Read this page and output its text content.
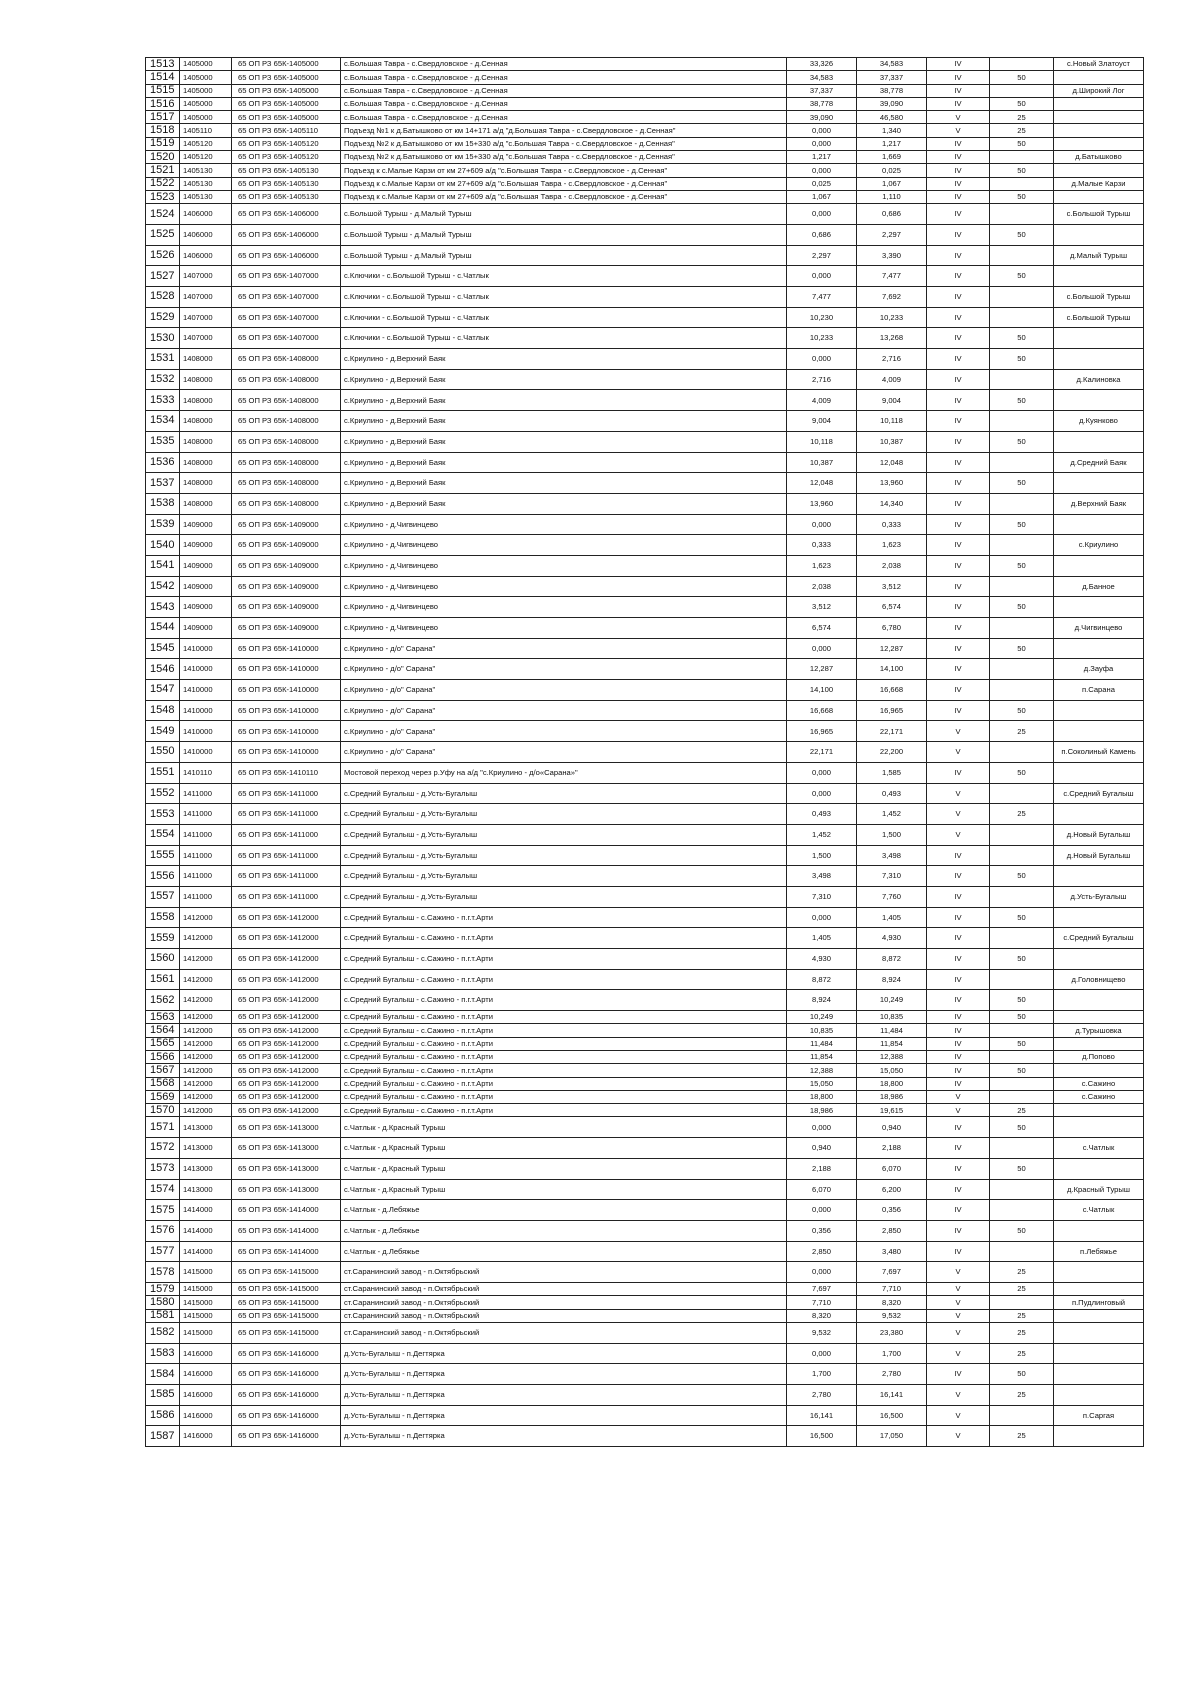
1513	1405000	65 ОП РЗ 65К-1405000	с.Большая Тавра - с.Свердловское - д.Сенная	33,326	34,583	IV		с.Новый Златоуст
1514	1405000	65 ОП РЗ 65К-1405000	с.Большая Тавра - с.Свердловское - д.Сенная	34,583	37,337	IV	50	
1515	1405000	65 ОП РЗ 65К-1405000	с.Большая Тавра - с.Свердловское - д.Сенная	37,337	38,778	IV		д.Широкий Лог
1516	1405000	65 ОП РЗ 65К-1405000	с.Большая Тавра - с.Свердловское - д.Сенная	38,778	39,090	IV	50	
1517	1405000	65 ОП РЗ 65К-1405000	с.Большая Тавра - с.Свердловское - д.Сенная	39,090	46,580	V	25	
1518	1405110	65 ОП РЗ 65К-1405110	Подъезд №1 к д.Батышково от км 14+171 а/д "д.Большая Тавра - с.Свердловское - д.Сенная"	0,000	1,340	V	25	
1519	1405120	65 ОП РЗ 65К-1405120	Подъезд №2 к д.Батышково от км 15+330 а/д "с.Большая Тавра - с.Свердловское - д.Сенная"	0,000	1,217	IV	50	
1520	1405120	65 ОП РЗ 65К-1405120	Подъезд №2 к д.Батышково от км 15+330 а/д "с.Большая Тавра - с.Свердловское - д.Сенная"	1,217	1,669	IV		д.Батышково
1521	1405130	65 ОП РЗ 65К-1405130	Подъезд к с.Малые Карзи от км 27+609 а/д "с.Большая Тавра - с.Свердловское - д.Сенная"	0,000	0,025	IV	50	
1522	1405130	65 ОП РЗ 65К-1405130	Подъезд к с.Малые Карзи от км 27+609 а/д "с.Большая Тавра - с.Свердловское - д.Сенная"	0,025	1,067	IV		д.Малые Карзи
1523	1405130	65 ОП РЗ 65К-1405130	Подъезд к с.Малые Карзи от км 27+609 а/д "с.Большая Тавра - с.Свердловское - д.Сенная"	1,067	1,110	IV	50	
1524	1406000	65 ОП РЗ 65К-1406000	с.Большой Турыш - д.Малый Турыш	0,000	0,686	IV		с.Большой Турыш
1525	1406000	65 ОП РЗ 65К-1406000	с.Большой Турыш - д.Малый Турыш	0,686	2,297	IV	50	
1526	1406000	65 ОП РЗ 65К-1406000	с.Большой Турыш - д.Малый Турыш	2,297	3,390	IV		д.Малый Турыш
1527	1407000	65 ОП РЗ 65К-1407000	с.Ключики - с.Большой Турыш - с.Чатлык	0,000	7,477	IV	50	
1528	1407000	65 ОП РЗ 65К-1407000	с.Ключики - с.Большой Турыш - с.Чатлык	7,477	7,692	IV		с.Большой Турыш
1529	1407000	65 ОП РЗ 65К-1407000	с.Ключики - с.Большой Турыш - с.Чатлык	10,230	10,233	IV		с.Большой Турыш
1530	1407000	65 ОП РЗ 65К-1407000	с.Ключики - с.Большой Турыш - с.Чатлык	10,233	13,268	IV	50	
1531	1408000	65 ОП РЗ 65К-1408000	с.Криулино - д.Верхний Баяк	0,000	2,716	IV	50	
1532	1408000	65 ОП РЗ 65К-1408000	с.Криулино - д.Верхний Баяк	2,716	4,009	IV		д.Калиновка
1533	1408000	65 ОП РЗ 65К-1408000	с.Криулино - д.Верхний Баяк	4,009	9,004	IV	50	
1534	1408000	65 ОП РЗ 65К-1408000	с.Криулино - д.Верхний Баяк	9,004	10,118	IV		д.Куянково
1535	1408000	65 ОП РЗ 65К-1408000	с.Криулино - д.Верхний Баяк	10,118	10,387	IV	50	
1536	1408000	65 ОП РЗ 65К-1408000	с.Криулино - д.Верхний Баяк	10,387	12,048	IV		д.Средний Баяк
1537	1408000	65 ОП РЗ 65К-1408000	с.Криулино - д.Верхний Баяк	12,048	13,960	IV	50	
1538	1408000	65 ОП РЗ 65К-1408000	с.Криулино - д.Верхний Баяк	13,960	14,340	IV		д.Верхний Баяк
1539	1409000	65 ОП РЗ 65К-1409000	с.Криулино - д.Чигвинцево	0,000	0,333	IV	50	
1540	1409000	65 ОП РЗ 65К-1409000	с.Криулино - д.Чигвинцево	0,333	1,623	IV		с.Криулино
1541	1409000	65 ОП РЗ 65К-1409000	с.Криулино - д.Чигвинцево	1,623	2,038	IV	50	
1542	1409000	65 ОП РЗ 65К-1409000	с.Криулино - д.Чигвинцево	2,038	3,512	IV		д.Банное
1543	1409000	65 ОП РЗ 65К-1409000	с.Криулино - д.Чигвинцево	3,512	6,574	IV	50	
1544	1409000	65 ОП РЗ 65К-1409000	с.Криулино - д.Чигвинцево	6,574	6,780	IV		д.Чигвинцево
1545	1410000	65 ОП РЗ 65К-1410000	с.Криулино - д/о" Сарана"	0,000	12,287	IV	50	
1546	1410000	65 ОП РЗ 65К-1410000	с.Криулино - д/о" Сарана"	12,287	14,100	IV		д.Зауфа
1547	1410000	65 ОП РЗ 65К-1410000	с.Криулино - д/о" Сарана"	14,100	16,668	IV		п.Сарана
1548	1410000	65 ОП РЗ 65К-1410000	с.Криулино - д/о" Сарана"	16,668	16,965	IV	50	
1549	1410000	65 ОП РЗ 65К-1410000	с.Криулино - д/о" Сарана"	16,965	22,171	V	25	
1550	1410000	65 ОП РЗ 65К-1410000	с.Криулино - д/о" Сарана"	22,171	22,200	V		п.Соколиный Камень
1551	1410110	65 ОП РЗ 65К-1410110	Мостовой переход через р.Уфу на а/д "с.Криулино - д/о«Сарана»"	0,000	1,585	IV	50	
1552	1411000	65 ОП РЗ 65К-1411000	с.Средний Бугалыш - д.Усть-Бугалыш	0,000	0,493	V		с.Средний Бугалыш
1553	1411000	65 ОП РЗ 65К-1411000	с.Средний Бугалыш - д.Усть-Бугалыш	0,493	1,452	V	25	
1554	1411000	65 ОП РЗ 65К-1411000	с.Средний Бугалыш - д.Усть-Бугалыш	1,452	1,500	V		д.Новый Бугалыш
1555	1411000	65 ОП РЗ 65К-1411000	с.Средний Бугалыш - д.Усть-Бугалыш	1,500	3,498	IV		д.Новый Бугалыш
1556	1411000	65 ОП РЗ 65К-1411000	с.Средний Бугалыш - д.Усть-Бугалыш	3,498	7,310	IV	50	
1557	1411000	65 ОП РЗ 65К-1411000	с.Средний Бугалыш - д.Усть-Бугалыш	7,310	7,760	IV		д.Усть-Бугалыш
1558	1412000	65 ОП РЗ 65К-1412000	с.Средний Бугалыш - с.Сажино - п.г.т.Арти	0,000	1,405	IV	50	
1559	1412000	65 ОП РЗ 65К-1412000	с.Средний Бугалыш - с.Сажино - п.г.т.Арти	1,405	4,930	IV		с.Средний Бугалыш
1560	1412000	65 ОП РЗ 65К-1412000	с.Средний Бугалыш - с.Сажино - п.г.т.Арти	4,930	8,872	IV	50	
1561	1412000	65 ОП РЗ 65К-1412000	с.Средний Бугалыш - с.Сажино - п.г.т.Арти	8,872	8,924	IV		д.Головнищево
1562	1412000	65 ОП РЗ 65К-1412000	с.Средний Бугалыш - с.Сажино - п.г.т.Арти	8,924	10,249	IV	50	
1563	1412000	65 ОП РЗ 65К-1412000	с.Средний Бугалыш - с.Сажино - п.г.т.Арти	10,249	10,835	IV	50	
1564	1412000	65 ОП РЗ 65К-1412000	с.Средний Бугалыш - с.Сажино - п.г.т.Арти	10,835	11,484	IV		д.Турышовка
1565	1412000	65 ОП РЗ 65К-1412000	с.Средний Бугалыш - с.Сажино - п.г.т.Арти	11,484	11,854	IV	50	
1566	1412000	65 ОП РЗ 65К-1412000	с.Средний Бугалыш - с.Сажино - п.г.т.Арти	11,854	12,388	IV		д.Попово
1567	1412000	65 ОП РЗ 65К-1412000	с.Средний Бугалыш - с.Сажино - п.г.т.Арти	12,388	15,050	IV	50	
1568	1412000	65 ОП РЗ 65К-1412000	с.Средний Бугалыш - с.Сажино - п.г.т.Арти	15,050	18,800	IV		с.Сажино
1569	1412000	65 ОП РЗ 65К-1412000	с.Средний Бугалыш - с.Сажино - п.г.т.Арти	18,800	18,986	V		с.Сажино
1570	1412000	65 ОП РЗ 65К-1412000	с.Средний Бугалыш - с.Сажино - п.г.т.Арти	18,986	19,615	V	25	
1571	1413000	65 ОП РЗ 65К-1413000	с.Чатлык - д.Красный Турыш	0,000	0,940	IV	50	
1572	1413000	65 ОП РЗ 65К-1413000	с.Чатлык - д.Красный Турыш	0,940	2,188	IV		с.Чатлык
1573	1413000	65 ОП РЗ 65К-1413000	с.Чатлык - д.Красный Турыш	2,188	6,070	IV	50	
1574	1413000	65 ОП РЗ 65К-1413000	с.Чатлык - д.Красный Турыш	6,070	6,200	IV		д.Красный Турыш
1575	1414000	65 ОП РЗ 65К-1414000	с.Чатлык - д.Лебяжье	0,000	0,356	IV		с.Чатлык
1576	1414000	65 ОП РЗ 65К-1414000	с.Чатлык - д.Лебяжье	0,356	2,850	IV	50	
1577	1414000	65 ОП РЗ 65К-1414000	с.Чатлык - д.Лебяжье	2,850	3,480	IV		п.Лебяжье
1578	1415000	65 ОП РЗ 65К-1415000	ст.Саранинский завод - п.Октябрьский	0,000	7,697	V	25	
1579	1415000	65 ОП РЗ 65К-1415000	ст.Саранинский завод - п.Октябрьский	7,697	7,710	V	25	
1580	1415000	65 ОП РЗ 65К-1415000	ст.Саранинский завод - п.Октябрьский	7,710	8,320	V		п.Пудлинговый
1581	1415000	65 ОП РЗ 65К-1415000	ст.Саранинский завод - п.Октябрьский	8,320	9,532	V	25	
1582	1415000	65 ОП РЗ 65К-1415000	ст.Саранинский завод - п.Октябрьский	9,532	23,380	V	25	
1583	1416000	65 ОП РЗ 65К-1416000	д.Усть-Бугалыш - п.Дегтярка	0,000	1,700	V	25	
1584	1416000	65 ОП РЗ 65К-1416000	д.Усть-Бугалыш - п.Дегтярка	1,700	2,780	IV	50	
1585	1416000	65 ОП РЗ 65К-1416000	д.Усть-Бугалыш - п.Дегтярка	2,780	16,141	V	25	
1586	1416000	65 ОП РЗ 65К-1416000	д.Усть-Бугалыш - п.Дегтярка	16,141	16,500	V		п.Саргая
1587	1416000	65 ОП РЗ 65К-1416000	д.Усть-Бугалыш - п.Дегтярка	16,500	17,050	V	25	
